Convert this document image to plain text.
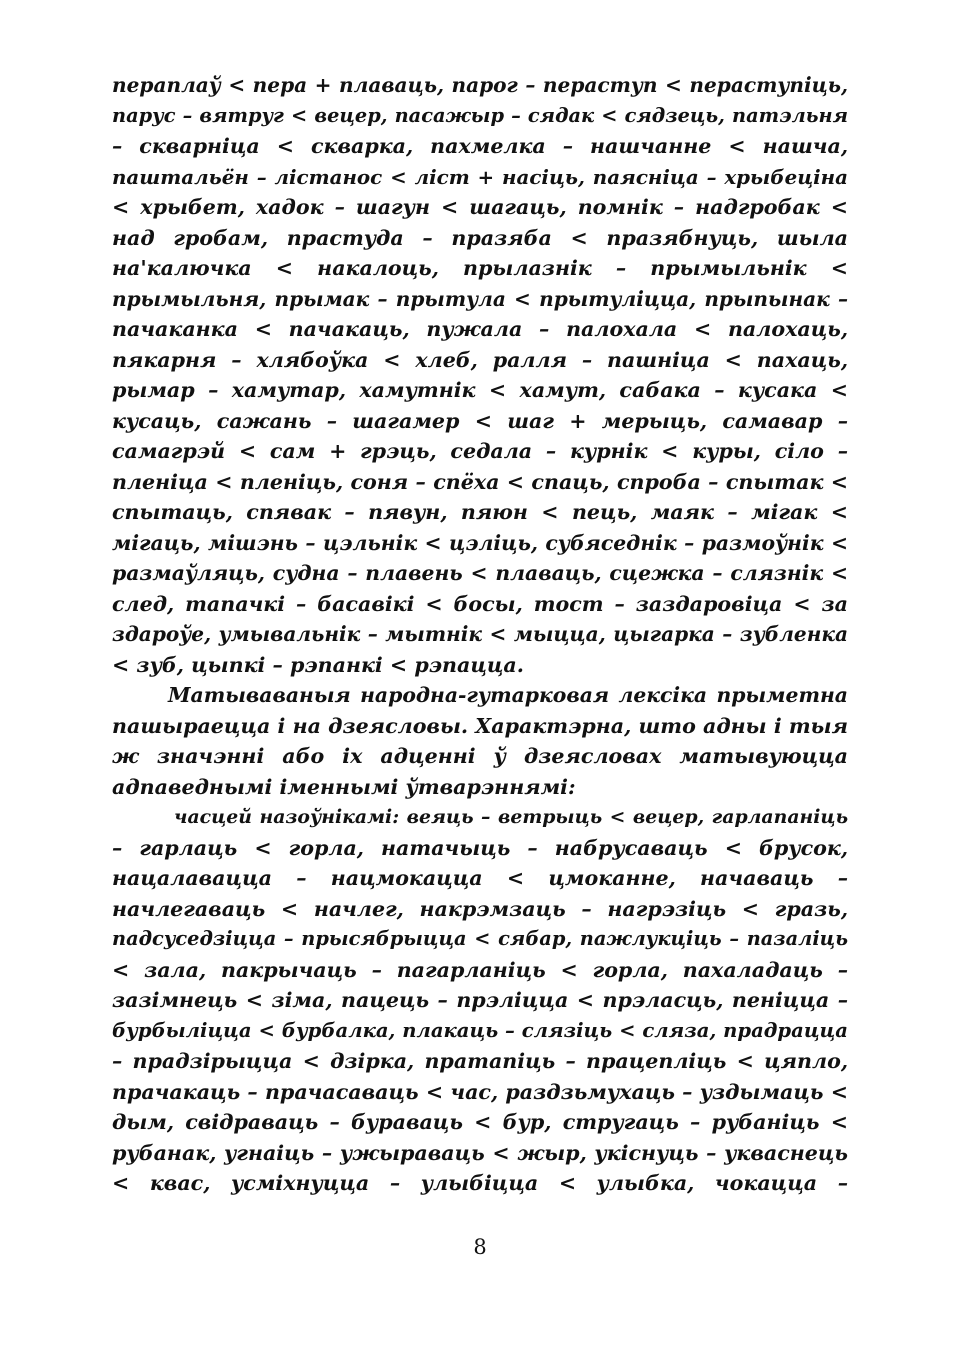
пераплаў < пера + плаваць, парог – пераступ < пераступіць,
парус – вятруг < вецер, пасажыр – сядак < сядзець, патэльня
– скварніца < скварка, пахмелка – нашчанне < нашча,
паштальён – лістанос < ліст + насіць, паясніца – хрыбеціна
< хрыбет, хадок – шагун < шагаць, помнік – надгробак <
над гробам, прастуда – празяба < празябнуць, шыла
на'калючка < накалоць, прылазнік – прымыльнік <
прымыльня, прымак – прытула < прытуліцца, прыпынак –
пачаканка < пачакаць, пужала – палохала < палохаць,
пякарня – хлябоўка < хлеб, ралля – пашніца < пахаць,
рымар – хамутар, хамутнік < хамут, сабака – кусака <
кусаць, сажань – шагамер < шаг + мерыць, самавар –
самагрэй < сам + грэць, седала – курнік < куры, сіло –
пленіца < пленіць, соня – спёха < спаць, спроба – спытак <
спытаць, спявак – пявун, пяюн < пець, маяк – мігак <
мігаць, мішэнь – цэльнік < цэліць, субяседнік – размоўнік <
размаўляць, судна – плавень < плаваць, сцежка – слязнік <
след, тапачкі – басавікі < босы, тост – заздаровіца < за
здароўе, умывальнік – мытнік < мыцца, цыгарка – зубленка
< зуб, цыпкі – рэпанкі < рэпацца.
Матываваныя народна-гутарковая лексіка прыметна
пашыраецца і на дзеясловы. Характэрна, што адны і тыя
ж значэнні або іх адценні ў дзеясловах матывуюцца
адпаведнымі іменнымі ўтварэннямі:
часцей назоўнікамі: веяць – ветрыць < вецер, гарлапаніць
– гарлаць < горла, натачыць – набрусаваць < брусок,
нацалавацца – нацмокацца < цмоканне, начаваць –
начлегаваць < начлег, накрэмзаць – нагрэзіць < гразь,
падсуседзіцца – прысябрыцца < сябар, пажлукціць – пазаліць
< зала, пакрычаць – пагарланіць < горла, пахаладаць –
зазімнець < зіма, пацець – прэліцца < прэласць, пеніцца –
бурбыліцца < бурбалка, плакаць – слязіць < сляза, прадрацца
– прадзірыцца < дзірка, пратапіць – працепліць < цяпло,
прачакаць – прачасаваць < час, раздзьмухаць – уздымаць <
дым, свідраваць – бураваць < бур, стругаць – рубаніць <
рубанак, угнаіць – ужыраваць < жыр, укіснуць – укваснець
< квас, усміхнуцца – улыбіцца < улыбка, чокацца –
8
